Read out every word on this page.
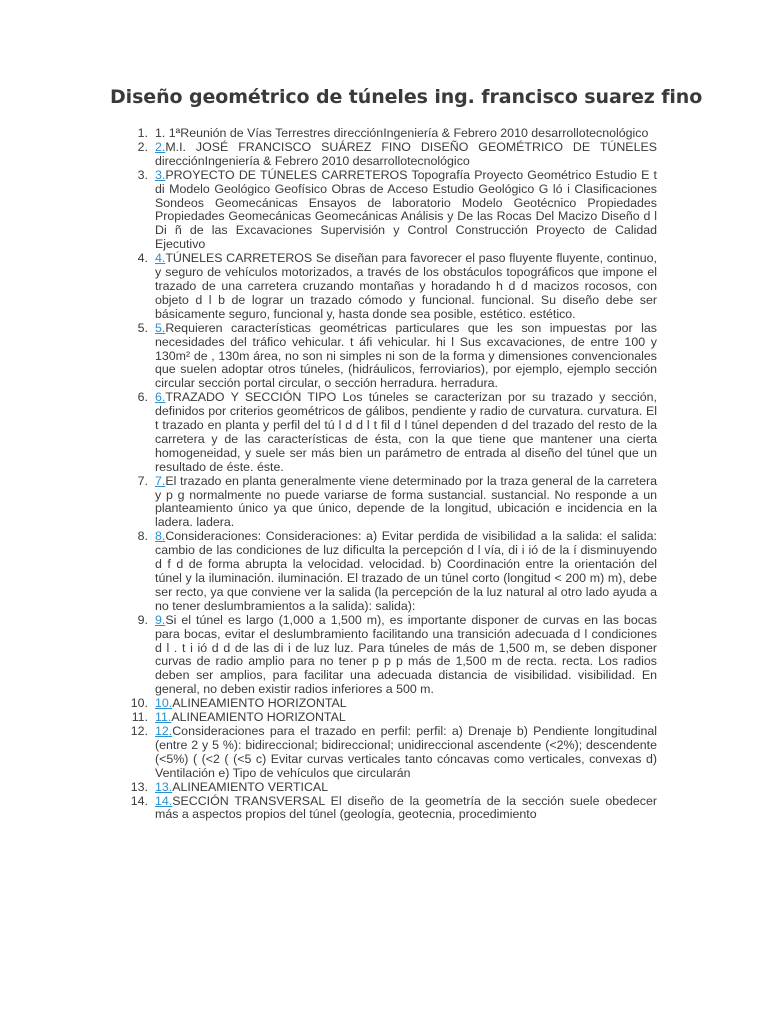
Diseño geométrico de túneles ing. francisco suarez fino
1. 1. 1ªReunión de Vías Terrestres direcciónIngeniería & Febrero 2010 desarrollotecnológico
2. 2.M.I. JOSÉ FRANCISCO SUÁREZ FINO DISEÑO GEOMÉTRICO DE TÚNELES direcciónIngeniería & Febrero 2010 desarrollotecnológico
3. 3.PROYECTO DE TÚNELES CARRETEROS Topografía Proyecto Geométrico Estudio E t di Modelo Geológico Geofísico Obras de Acceso Estudio Geológico G ló i Clasificaciones Sondeos Geomecánicas Ensayos de laboratorio Modelo Geotécnico Propiedades Propiedades Geomecánicas Geomecánicas Análisis y De las Rocas Del Macizo Diseño d l Di ñ de las Excavaciones Supervisión y Control Construcción Proyecto de Calidad Ejecutivo
4. 4.TÚNELES CARRETEROS Se diseñan para favorecer el paso fluyente fluyente, continuo, y seguro de vehículos motorizados, a través de los obstáculos topográficos que impone el trazado de una carretera cruzando montañas y horadando h d d macizos rocosos, con objeto d l b de lograr un trazado cómodo y funcional. funcional. Su diseño debe ser básicamente seguro, funcional y, hasta donde sea posible, estético. estético.
5. 5.Requieren características geométricas particulares que les son impuestas por las necesidades del tráfico vehicular. t áfi vehicular. hi l Sus excavaciones, de entre 100 y 130m² de , 130m área, no son ni simples ni son de la forma y dimensiones convencionales que suelen adoptar otros túneles, (hidráulicos, ferroviarios), por ejemplo, ejemplo sección circular sección portal circular, o sección herradura. herradura.
6. 6.TRAZADO Y SECCIÓN TIPO Los túneles se caracterizan por su trazado y sección, definidos por criterios geométricos de gálibos, pendiente y radio de curvatura. curvatura. El t trazado en planta y perfil del tú l d d l t fil d l túnel dependen d del trazado del resto de la carretera y de las características de ésta, con la que tiene que mantener una cierta homogeneidad, y suele ser más bien un parámetro de entrada al diseño del túnel que un resultado de éste. éste.
7. 7.El trazado en planta generalmente viene determinado por la traza general de la carretera y p g normalmente no puede variarse de forma sustancial. sustancial. No responde a un planteamiento único ya que único, depende de la longitud, ubicación e incidencia en la ladera. ladera.
8. 8.Consideraciones: Consideraciones: a) Evitar perdida de visibilidad a la salida: el salida: cambio de las condiciones de luz dificulta la percepción d l vía, di i ió de la í disminuyendo d f d de forma abrupta la velocidad. velocidad. b) Coordinación entre la orientación del túnel y la iluminación. iluminación. El trazado de un túnel corto (longitud < 200 m) m), debe ser recto, ya que conviene ver la salida (la percepción de la luz natural al otro lado ayuda a no tener deslumbramientos a la salida): salida):
9. 9.Si el túnel es largo (1,000 a 1,500 m), es importante disponer de curvas en las bocas para bocas, evitar el deslumbramiento facilitando una transición adecuada d l condiciones d l . t i ió d d de las di i de luz luz. Para túneles de más de 1,500 m, se deben disponer curvas de radio amplio para no tener p p p más de 1,500 m de recta. recta. Los radios deben ser amplios, para facilitar una adecuada distancia de visibilidad. visibilidad. En general, no deben existir radios inferiores a 500 m.
10. 10.ALINEAMIENTO HORIZONTAL
11. 11.ALINEAMIENTO HORIZONTAL
12. 12.Consideraciones para el trazado en perfil: perfil: a) Drenaje b) Pendiente longitudinal (entre 2 y 5 %): bidireccional; bidireccional; unidireccional ascendente (<2%); descendente (<5%) ( (<2 ( (<5 c) Evitar curvas verticales tanto cóncavas como verticales, convexas d) Ventilación e) Tipo de vehículos que circularán
13. 13.ALINEAMIENTO VERTICAL
14. 14.SECCIÓN TRANSVERSAL El diseño de la geometría de la sección suele obedecer más a aspectos propios del túnel (geología, geotecnia, procedimiento
